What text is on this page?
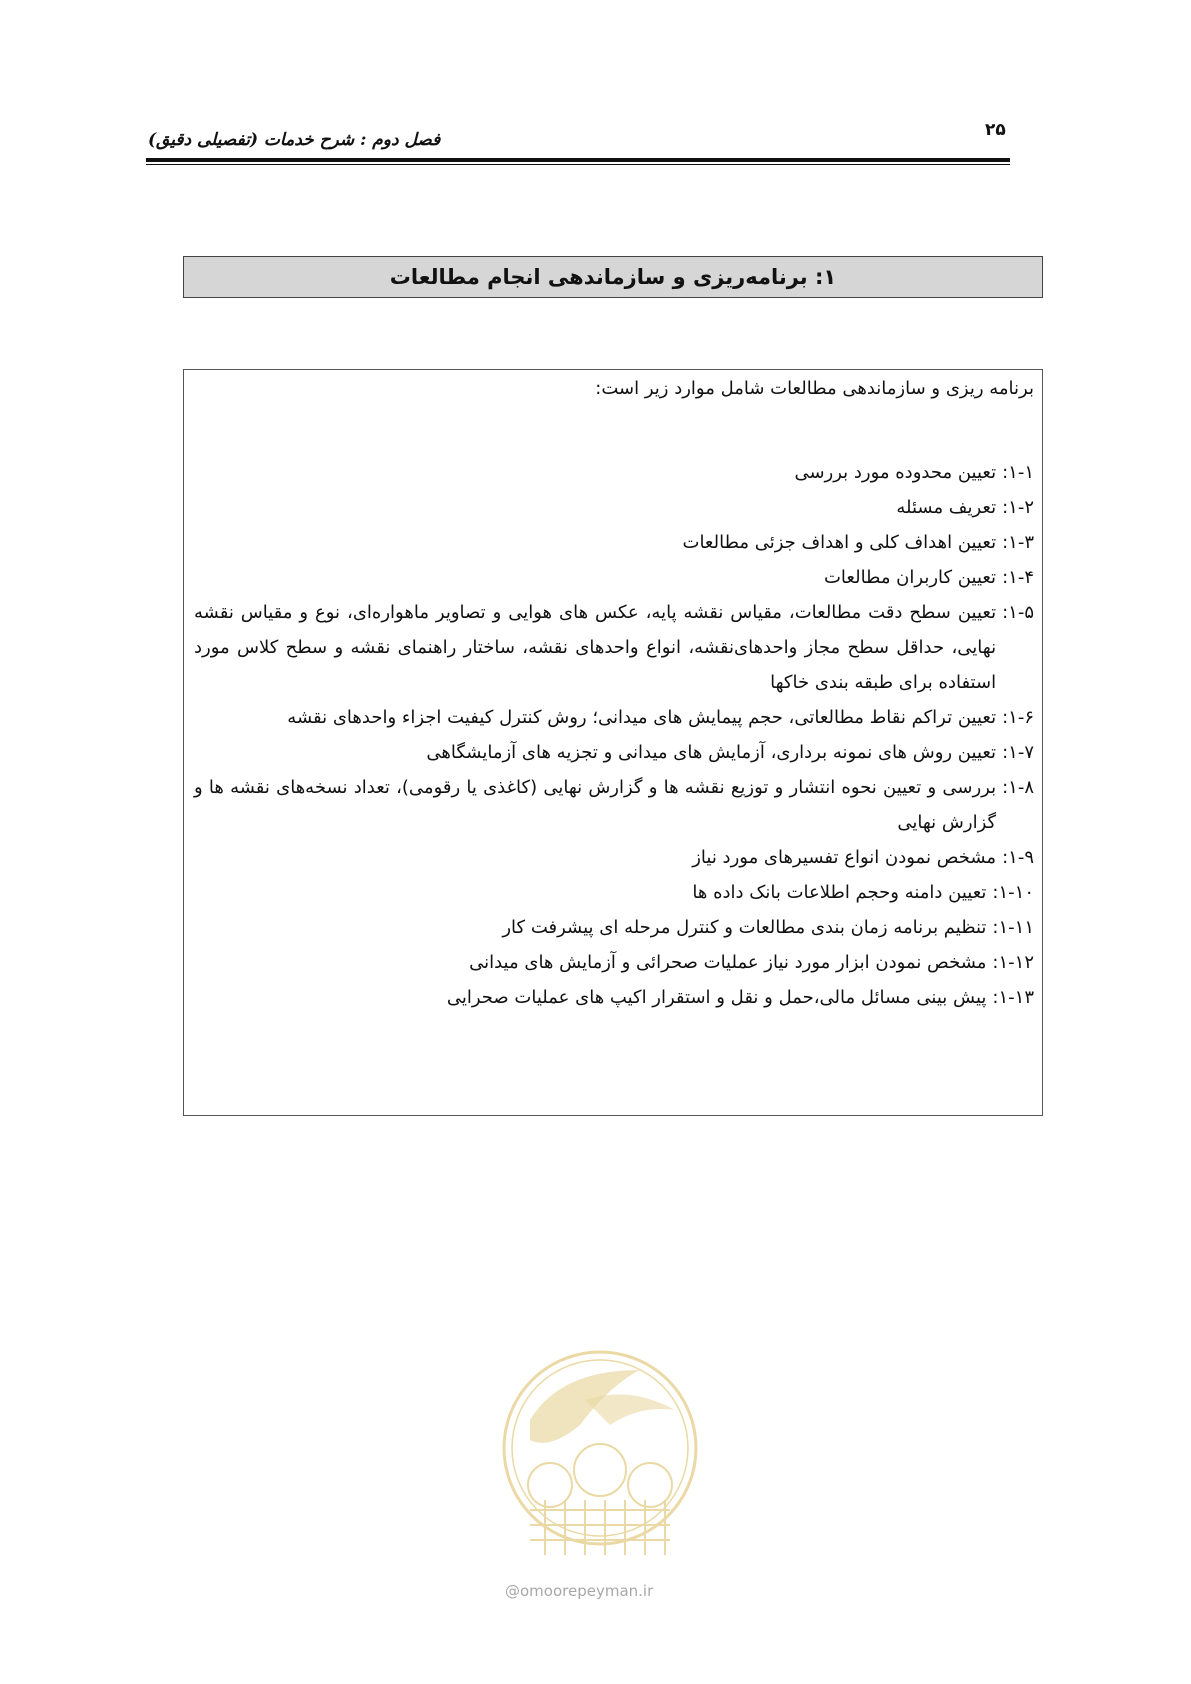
۲۵
فصل دوم : شرح خدمات (تفصیلی دقیق)
۱: برنامه‌ریزی و سازماندهی انجام مطالعات
برنامه ریزی و سازماندهی مطالعات شامل موارد زیر است:
۱-۱:
تعیین محدوده مورد بررسی
۱-۲:
تعریف مسئله
۱-۳:
تعیین اهداف کلی و اهداف جزئی مطالعات
۱-۴:
تعیین کاربران مطالعات
۱-۵:
تعیین سطح دقت مطالعات، مقیاس نقشه پایه، عکس های هوایی و تصاویر ماهواره‌ای، نوع و مقیاس نقشه نهایی، حداقل سطح مجاز واحدهای‌نقشه، انواع واحدهای نقشه، ساختار راهنمای نقشه و سطح کلاس مورد استفاده برای طبقه بندی خاکها
۱-۶:
تعیین تراکم نقاط مطالعاتی، حجم پیمایش های میدانی؛ روش کنترل کیفیت اجزاء واحدهای نقشه
۱-۷:
تعیین روش های نمونه برداری، آزمایش های میدانی و تجزیه های آزمایشگاهی
۱-۸:
بررسی و تعیین نحوه انتشار و توزیع نقشه ها و گزارش نهایی (کاغذی یا رقومی)، تعداد نسخه‌های نقشه ها و گزارش نهایی
۱-۹:
مشخص نمودن انواع تفسیرهای مورد نیاز
۱-۱۰:
تعیین دامنه وحجم اطلاعات بانک داده ها
۱-۱۱:
تنظیم برنامه زمان بندی مطالعات و کنترل مرحله ای پیشرفت کار
۱-۱۲:
مشخص نمودن ابزار مورد نیاز عملیات صحرائی و آزمایش های میدانی
۱-۱۳:
پیش بینی مسائل مالی،حمل و نقل و استقرار اکیپ های عملیات صحرایی
@omoorepeyman.ir
